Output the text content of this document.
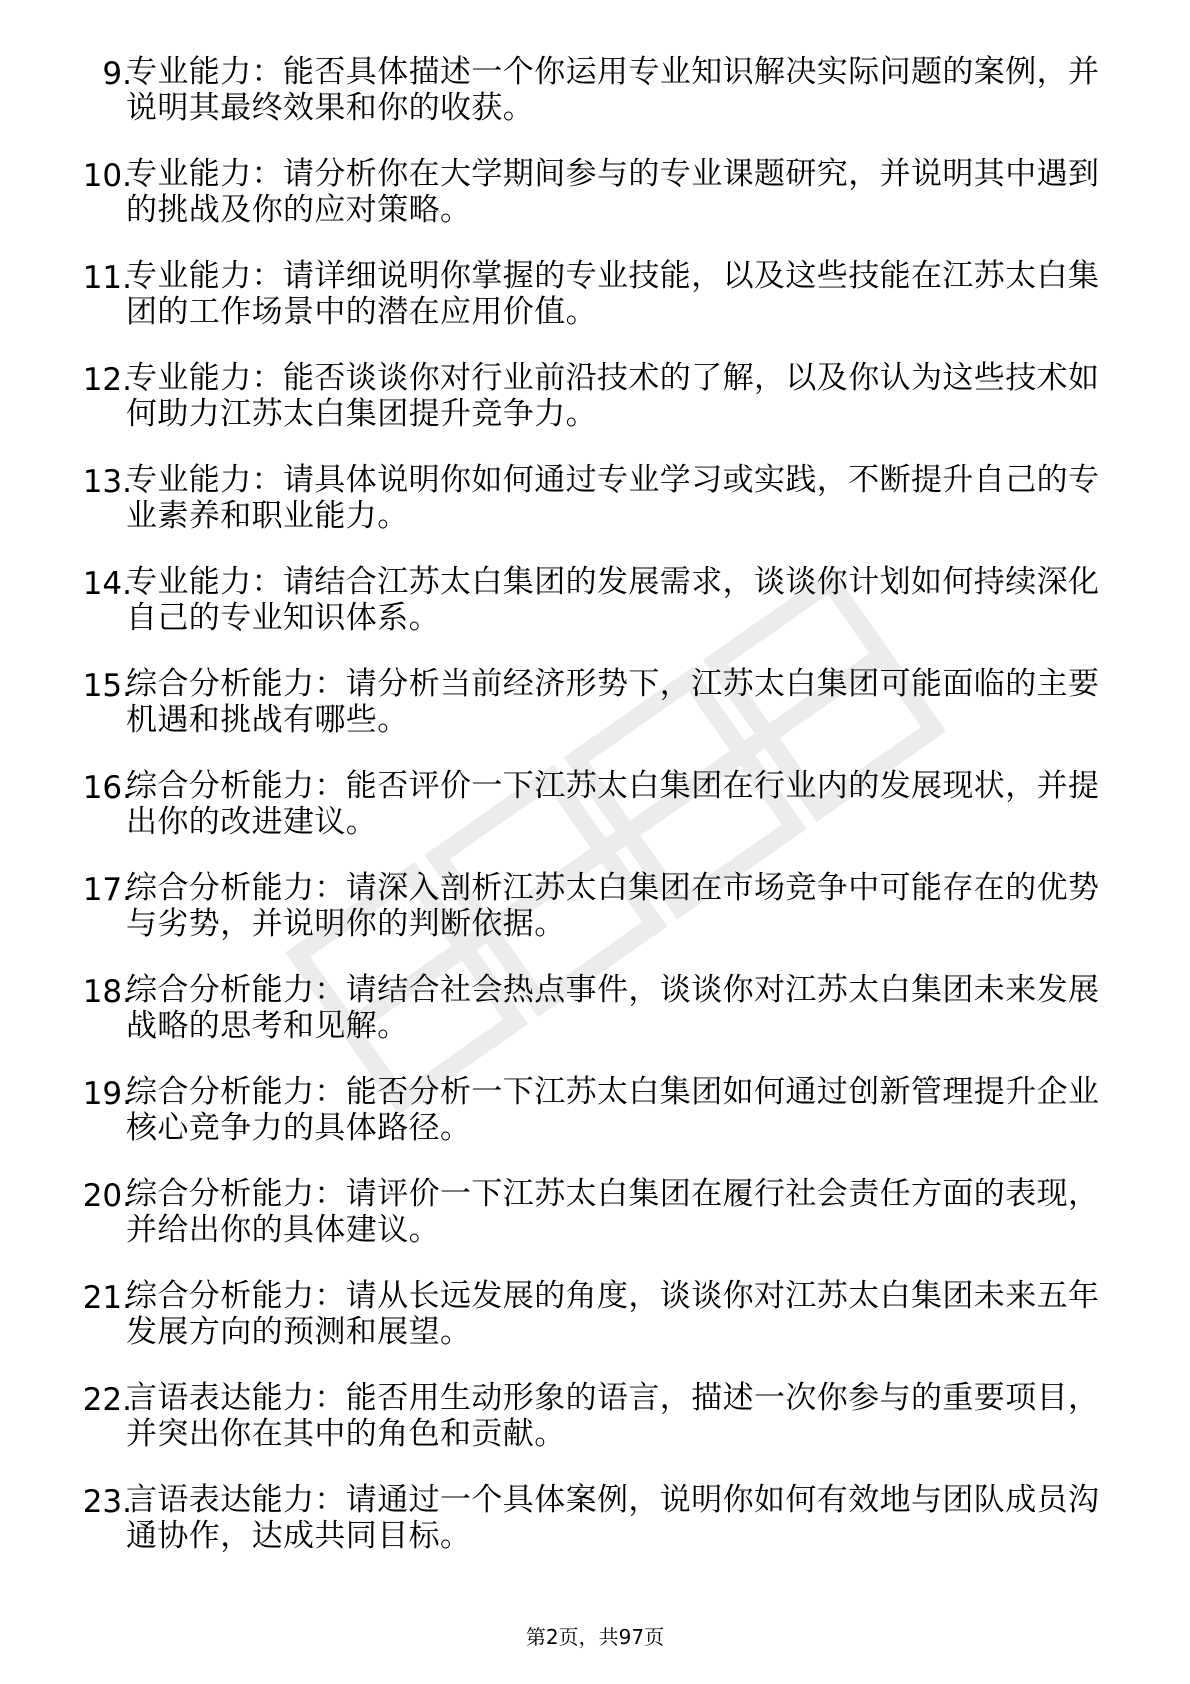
9.
专业能力：能否具体描述一个你运用专业知识解决实际问题的案例，并说明其最终效果和你的收获。
10.
专业能力：请分析你在大学期间参与的专业课题研究，并说明其中遇到的挑战及你的应对策略。
11.
专业能力：请详细说明你掌握的专业技能，以及这些技能在江苏太白集团的工作场景中的潜在应用价值。
12.
专业能力：能否谈谈你对行业前沿技术的了解，以及你认为这些技术如何助力江苏太白集团提升竞争力。
13.
专业能力：请具体说明你如何通过专业学习或实践，不断提升自己的专业素养和职业能力。
14.
专业能力：请结合江苏太白集团的发展需求，谈谈你计划如何持续深化自己的专业知识体系。
15.
综合分析能力：请分析当前经济形势下，江苏太白集团可能面临的主要机遇和挑战有哪些。
16.
综合分析能力：能否评价一下江苏太白集团在行业内的发展现状，并提出你的改进建议。
17.
综合分析能力：请深入剖析江苏太白集团在市场竞争中可能存在的优势与劣势，并说明你的判断依据。
18.
综合分析能力：请结合社会热点事件，谈谈你对江苏太白集团未来发展战略的思考和见解。
19.
综合分析能力：能否分析一下江苏太白集团如何通过创新管理提升企业核心竞争力的具体路径。
20.
综合分析能力：请评价一下江苏太白集团在履行社会责任方面的表现，并给出你的具体建议。
21.
综合分析能力：请从长远发展的角度，谈谈你对江苏太白集团未来五年发展方向的预测和展望。
22.
言语表达能力：能否用生动形象的语言，描述一次你参与的重要项目，并突出你在其中的角色和贡献。
23.
言语表达能力：请通过一个具体案例，说明你如何有效地与团队成员沟通协作，达成共同目标。
第2页，共97页
